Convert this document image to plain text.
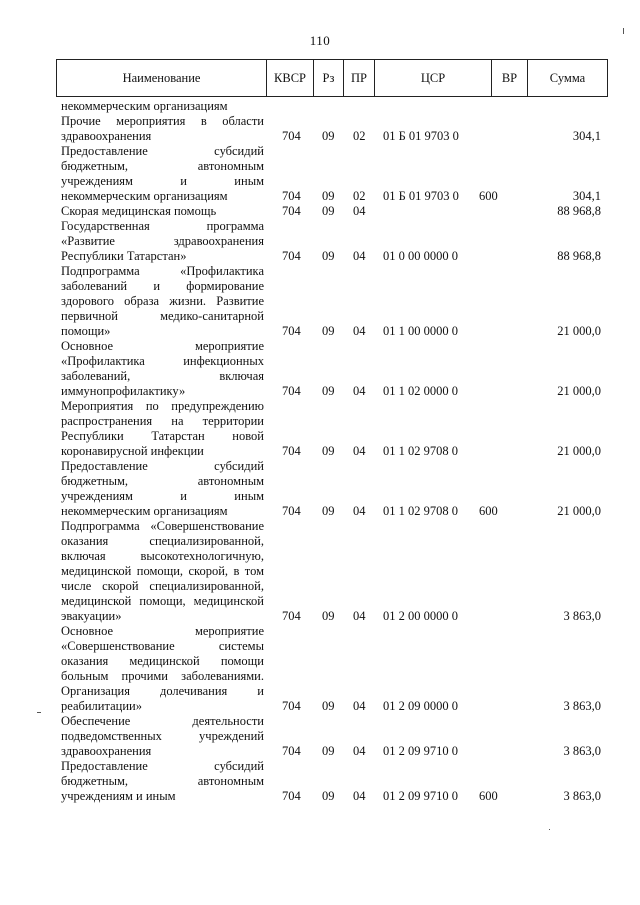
110
Наименование	КВСР	Рз	ПР	ЦСР	ВР	Сумма
некоммерческим организациям
Прочие мероприятия в области здравоохранения	704 09 02 01 Б 01 9703 0	304,1
Предоставление субсидий бюджетным, автономным учреждениям и иным некоммерческим организациям	704 09 02 01 Б 01 9703 0 600	304,1
Скорая медицинская помощь	704 09 04	88 968,8
Государственная программа «Развитие здравоохранения Республики Татарстан»	704 09 04 01 0 00 0000 0	88 968,8
Подпрограмма «Профилактика заболеваний и формирование здорового образа жизни. Развитие первичной медико-санитарной помощи»	704 09 04 01 1 00 0000 0	21 000,0
Основное мероприятие «Профилактика инфекционных заболеваний, включая иммунопрофилактику»	704 09 04 01 1 02 0000 0	21 000,0
Мероприятия по предупреждению распространения на территории Республики Татарстан новой коронавирусной инфекции	704 09 04 01 1 02 9708 0	21 000,0
Предоставление субсидий бюджетным, автономным учреждениям и иным некоммерческим организациям	704 09 04 01 1 02 9708 0 600	21 000,0
Подпрограмма «Совершенствование оказания специализированной, включая высокотехнологичную, медицинской помощи, скорой, в том числе скорой специализированной, медицинской помощи, медицинской эвакуации»	704 09 04 01 2 00 0000 0	3 863,0
Основное мероприятие «Совершенствование системы оказания медицинской помощи больным прочими заболеваниями. Организация долечивания и реабилитации»	704 09 04 01 2 09 0000 0	3 863,0
Обеспечение деятельности подведомственных учреждений здравоохранения	704 09 04 01 2 09 9710 0	3 863,0
Предоставление субсидий бюджетным, автономным учреждениям и иным	704 09 04 01 2 09 9710 0 600	3 863,0
